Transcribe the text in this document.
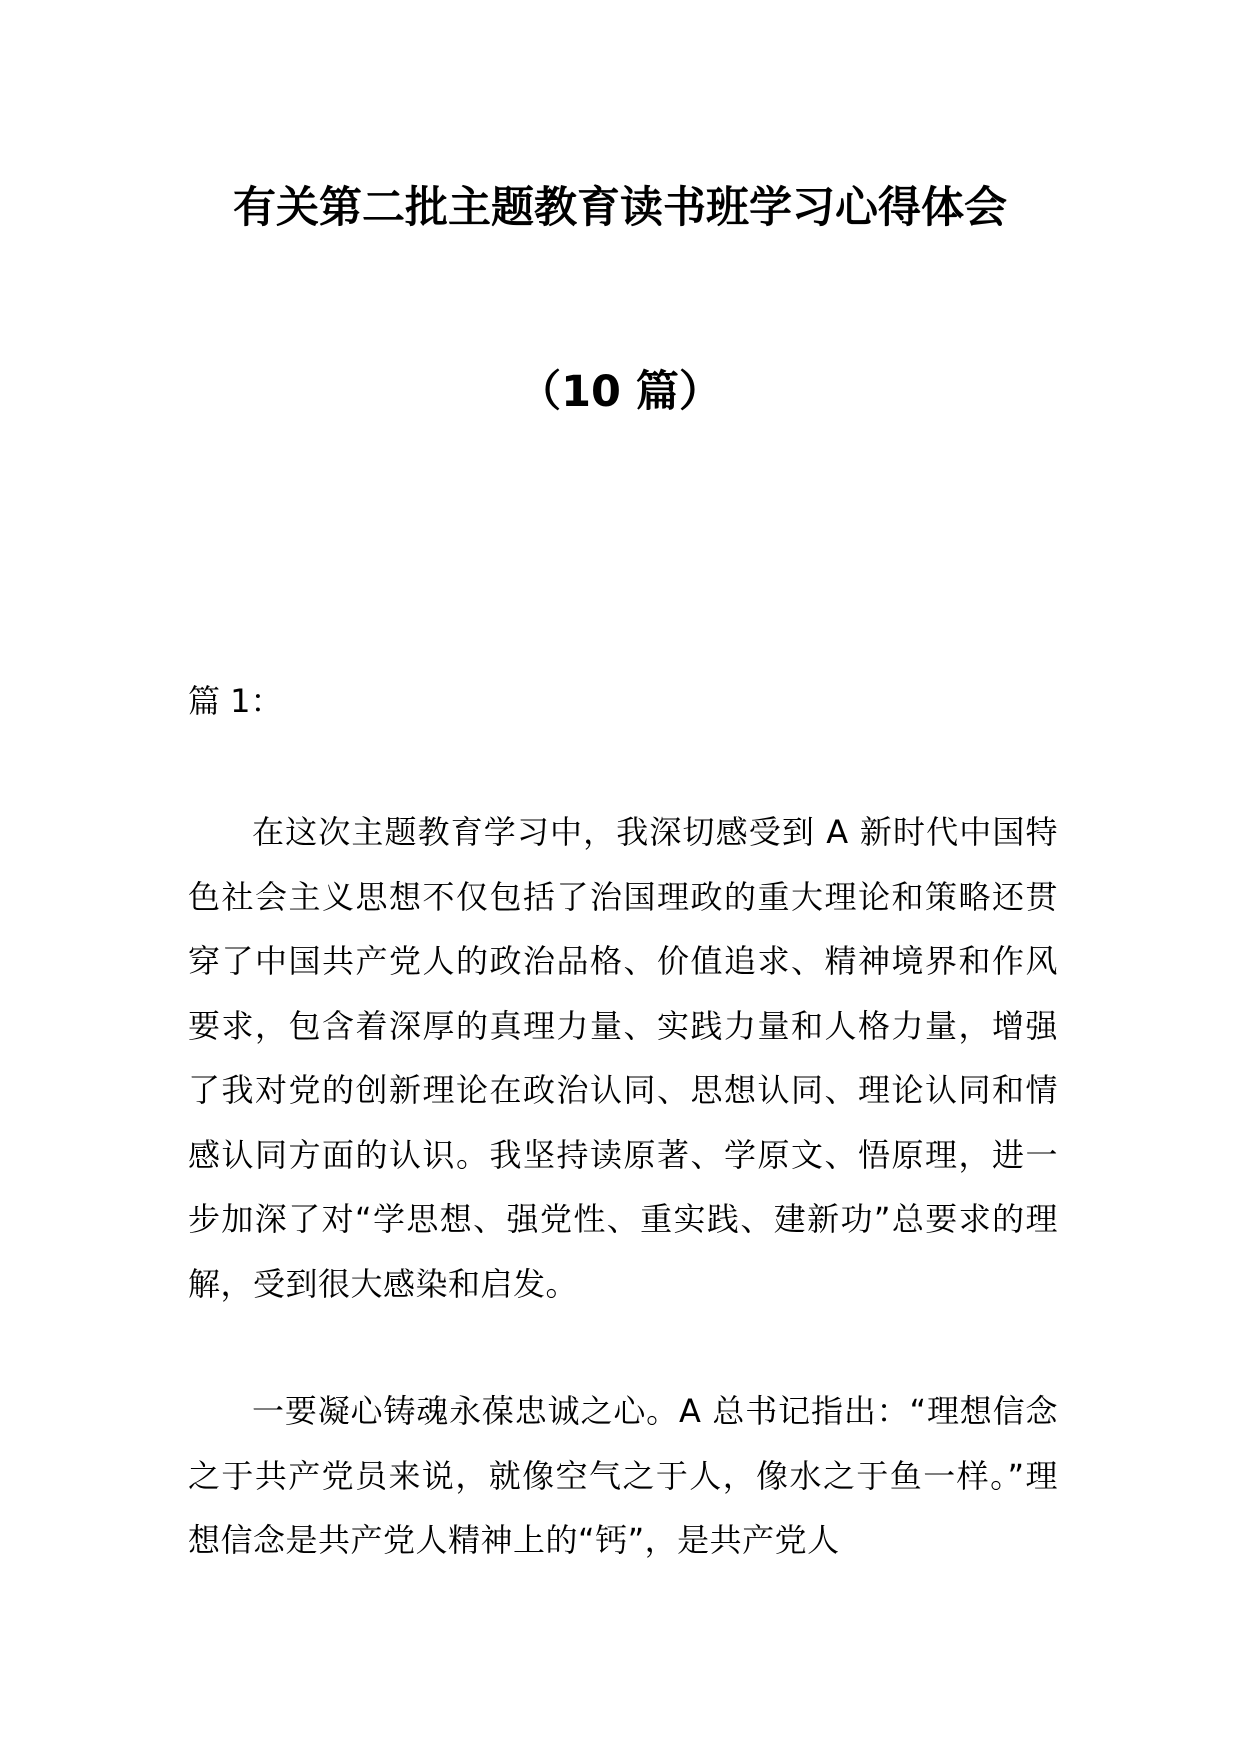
有关第二批主题教育读书班学习心得体会
（10 篇）
篇 1：

在这次主题教育学习中，我深切感受到 A 新时代中国特色社会主义思想不仅包括了治国理政的重大理论和策略还贯穿了中国共产党人的政治品格、价值追求、精神境界和作风要求，包含着深厚的真理力量、实践力量和人格力量，增强了我对党的创新理论在政治认同、思想认同、理论认同和情感认同方面的认识。我坚持读原著、学原文、悟原理，进一步加深了对“学思想、强党性、重实践、建新功”总要求的理解，受到很大感染和启发。

一要凝心铸魂永葆忠诚之心。A 总书记指出：“理想信念之于共产党员来说，就像空气之于人，像水之于鱼一样。”理想信念是共产党人精神上的“钙”，是共产党人
